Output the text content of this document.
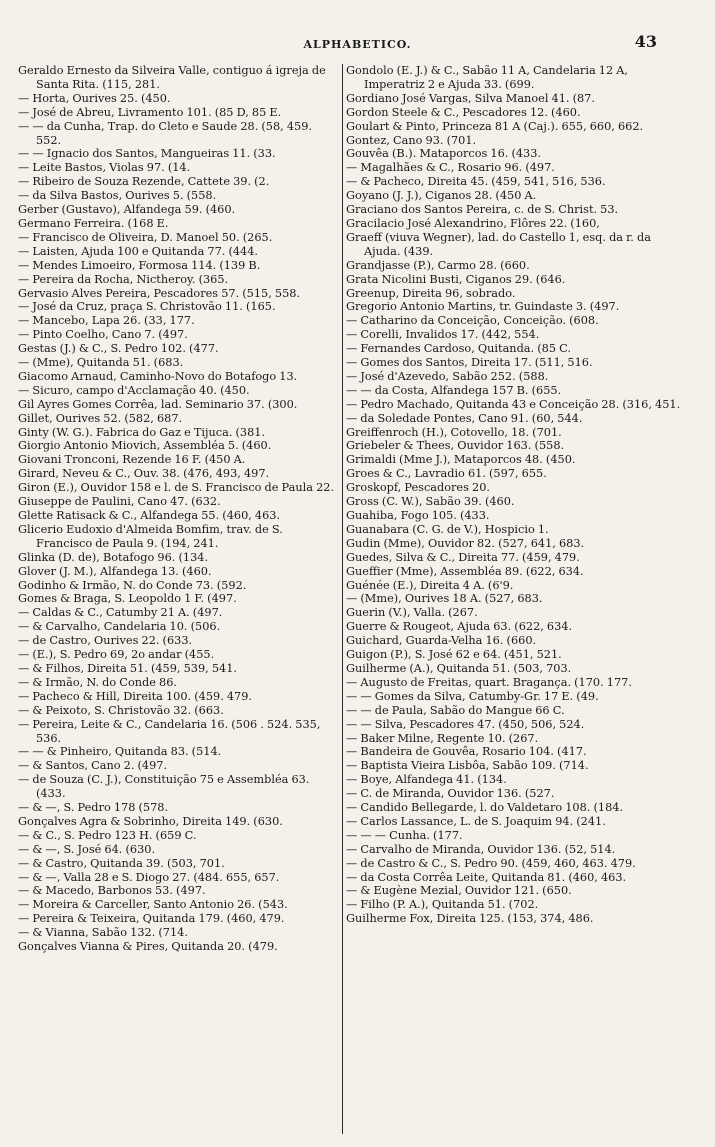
ALPHABETICO.	43

Geraldo Ernesto da Silveira Valle, contiguo á igreja de Santa Rita. (115, 281.

— Horta, Ourives 25. (450.

— José de Abreu, Livramento 101. (85 D, 85 E.

— — da Cunha, Trap. do Cleto e Saude 28. (58, 459. 552.

— — Ignacio dos Santos, Mangueiras 11. (33.

— Leite Bastos, Violas 97. (14.

— Ribeiro de Souza Rezende, Cattete 39. (2.

— da Silva Bastos, Ourives 5. (558.

Gerber (Gustavo), Alfandega 59. (460.

Germano Ferreira. (168 E.

— Francisco de Oliveira, D. Manoel 50. (265.

— Laisten, Ajuda 100 e Quitanda 77. (444.

— Mendes Limoeiro, Formosa 114. (139 B.

— Pereira da Rocha, Nictheroy. (365.

Gervasio Alves Pereira, Pescadores 57. (515, 558.

— José da Cruz, praça S. Christovão 11. (165.

— Mancebo, Lapa 26. (33, 177.

— Pinto Coelho, Cano 7. (497.

Gestas (J.) & C., S. Pedro 102. (477.

— (Mme), Quitanda 51. (683.

Giacomo Arnaud, Caminho-Novo do Botafogo 13.

— Sicuro, campo d'Acclamação 40. (450.

Gil Ayres Gomes Corrêa, lad. Seminario 37. (300.

Gillet, Ourives 52. (582, 687.

Ginty (W. G.). Fabrica do Gaz e Tijuca. (381.

Giorgio Antonio Miovich, Assembléa 5. (460.

Giovani Tronconi, Rezende 16 F. (450 A.

Girard, Neveu & C., Ouv. 38. (476, 493, 497.

Giron (E.), Ouvidor 158 e l. de S. Francisco de Paula 22.

Giuseppe de Paulini, Cano 47. (632.

Glette Ratisack & C., Alfandega 55. (460, 463.

Glicerio Eudoxio d'Almeida Bomfim, trav. de S. Francisco de Paula 9. (194, 241.

Glinka (D. de), Botafogo 96. (134.

Glover (J. M.), Alfandega 13. (460.

Godinho & Irmão, N. do Conde 73. (592.

Gomes & Braga, S. Leopoldo 1 F. (497.

— Caldas & C., Catumby 21 A. (497.

— & Carvalho, Candelaria 10. (506.

— de Castro, Ourives 22. (633.

— (E.), S. Pedro 69, 2o andar (455.

— & Filhos, Direita 51. (459, 539, 541.

— & Irmão, N. do Conde 86.

— Pacheco & Hill, Direita 100. (459. 479.

— & Peixoto, S. Christovão 32. (663.

— Pereira, Leite & C., Candelaria 16. (506 . 524. 535, 536.

— — & Pinheiro, Quitanda 83. (514.

— & Santos, Cano 2. (497.

— de Souza (C. J.), Constituição 75 e Assembléa 63. (433.

— & —, S. Pedro 178 (578.

Gonçalves Agra & Sobrinho, Direita 149. (630.

— & C., S. Pedro 123 H. (659 C.

— & —, S. José 64. (630.

— & Castro, Quitanda 39. (503, 701.

— & —, Valla 28 e S. Diogo 27. (484. 655, 657.

— & Macedo, Barbonos 53. (497.

— Moreira & Carceller, Santo Antonio 26. (543.

— Pereira & Teixeira, Quitanda 179. (460, 479.

— & Vianna, Sabão 132. (714.

Gonçalves Vianna & Pires, Quitanda 20. (479.

Gondolo (E. J.) & C., Sabão 11 A, Candelaria 12 A, Imperatriz 2 e Ajuda 33. (699.

Gordiano José Vargas, Silva Manoel 41. (87.

Gordon Steele & C., Pescadores 12. (460.

Goulart & Pinto, Princeza 81 A (Caj.). 655, 660, 662.

Gontez, Cano 93. (701.

Gouvêa (B.). Mataporcos 16. (433.

— Magalhães & C., Rosario 96. (497.

— & Pacheco, Direita 45. (459, 541, 516, 536.

Goyano (J. J.), Ciganos 28. (450 A.

Graciano dos Santos Pereira, c. de S. Christ. 53.

Gracilacio José Alexandrino, Flôres 22. (160,

Graeff (viuva Wegner), lad. do Castello 1, esq. da r. da Ajuda. (439.

Grandjasse (P.), Carmo 28. (660.

Grata Nicolini Busti, Ciganos 29. (646.

Greenup, Direita 96, sobrado.

Gregorio Antonio Martins, tr. Guindaste 3. (497.

— Catharino da Conceição, Conceição. (608.

— Corelli, Invalidos 17. (442, 554.

— Fernandes Cardoso, Quitanda. (85 C.

— Gomes dos Santos, Direita 17. (511, 516.

— José d'Azevedo, Sabão 252. (588.

— — da Costa, Alfandega 157 B. (655.

— Pedro Machado, Quitanda 43 e Conceição 28. (316, 451.

— da Soledade Pontes, Cano 91. (60, 544.

Greiffenroch (H.), Cotovello, 18. (701.

Griebeler & Thees, Ouvidor 163. (558.

Grimaldi (Mme J.), Mataporcos 48. (450.

Groes & C., Lavradio 61. (597, 655.

Groskopf, Pescadores 20.

Gross (C. W.), Sabão 39. (460.

Guahiba, Fogo 105. (433.

Guanabara (C. G. de V.), Hospicio 1.

Gudin (Mme), Ouvidor 82. (527, 641, 683.

Guedes, Silva & C., Direita 77. (459, 479.

Gueffier (Mme), Assembléa 89. (622, 634.

Guénée (E.), Direita 4 A. (6'9.

— (Mme), Ourives 18 A. (527, 683.

Guerin (V.), Valla. (267.

Guerre & Rougeot, Ajuda 63. (622, 634.

Guichard, Guarda-Velha 16. (660.

Guigon (P.), S. José 62 e 64. (451, 521.

Guilherme (A.), Quitanda 51. (503, 703.

— Augusto de Freitas, quart. Bragança. (170. 177.

— — Gomes da Silva, Catumby-Gr. 17 E. (49.

— — de Paula, Sabão do Mangue 66 C.

— — Silva, Pescadores 47. (450, 506, 524.

— Baker Milne, Regente 10. (267.

— Bandeira de Gouvêa, Rosario 104. (417.

— Baptista Vieira Lisbôa, Sabão 109. (714.

— Boye, Alfandega 41. (134.

— C. de Miranda, Ouvidor 136. (527.

— Candido Bellegarde, l. do Valdetaro 108. (184.

— Carlos Lassance, L. de S. Joaquim 94. (241.

— — — Cunha. (177.

— Carvalho de Miranda, Ouvidor 136. (52, 514.

— de Castro & C., S. Pedro 90. (459, 460, 463. 479.

— da Costa Corrêa Leite, Quitanda 81. (460, 463.

— & Eugène Mezial, Ouvidor 121. (650.

— Filho (P. A.), Quitanda 51. (702.

Guilherme Fox, Direita 125. (153, 374, 486.
